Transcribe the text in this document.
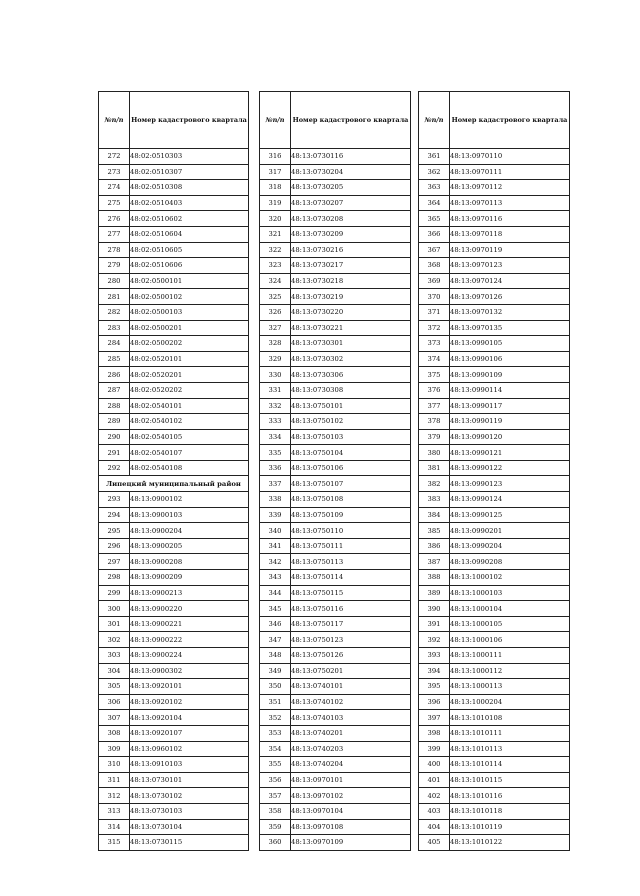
№п/п	Номер кадастрового квартала
272	48:02:0510303
273	48:02:0510307
274	48:02:0510308
275	48:02:0510403
276	48:02:0510602
277	48:02:0510604
278	48:02:0510605
279	48:02:0510606
280	48:02:0500101
281	48:02:0500102
282	48:02:0500103
283	48:02:0500201
284	48:02:0500202
285	48:02:0520101
286	48:02:0520201
287	48:02:0520202
288	48:02:0540101
289	48:02:0540102
290	48:02:0540105
291	48:02:0540107
292	48:02:0540108
Липецкий муниципальный район	
293	48:13:0900102
294	48:13:0900103
295	48:13:0900204
296	48:13:0900205
297	48:13:0900208
298	48:13:0900209
299	48:13:0900213
300	48:13:0900220
301	48:13:0900221
302	48:13:0900222
303	48:13:0900224
304	48:13:0900302
305	48:13:0920101
306	48:13:0920102
307	48:13:0920104
308	48:13:0920107
309	48:13:0960102
310	48:13:0910103
311	48:13:0730101
312	48:13:0730102
313	48:13:0730103
314	48:13:0730104
315	48:13:0730115
№п/п	Номер кадастрового квартала
316	48:13:0730116
317	48:13:0730204
318	48:13:0730205
319	48:13:0730207
320	48:13:0730208
321	48:13:0730209
322	48:13:0730216
323	48:13:0730217
324	48:13:0730218
325	48:13:0730219
326	48:13:0730220
327	48:13:0730221
328	48:13:0730301
329	48:13:0730302
330	48:13:0730306
331	48:13:0730308
332	48:13:0750101
333	48:13:0750102
334	48:13:0750103
335	48:13:0750104
336	48:13:0750106
337	48:13:0750107
338	48:13:0750108
339	48:13:0750109
340	48:13:0750110
341	48:13:0750111
342	48:13:0750113
343	48:13:0750114
344	48:13:0750115
345	48:13:0750116
346	48:13:0750117
347	48:13:0750123
348	48:13:0750126
349	48:13:0750201
350	48:13:0740101
351	48:13:0740102
352	48:13:0740103
353	48:13:0740201
354	48:13:0740203
355	48:13:0740204
356	48:13:0970101
357	48:13:0970102
358	48:13:0970104
359	48:13:0970108
360	48:13:0970109
№п/п	Номер кадастрового квартала
361	48:13:0970110
362	48:13:0970111
363	48:13:0970112
364	48:13:0970113
365	48:13:0970116
366	48:13:0970118
367	48:13:0970119
368	48:13:0970123
369	48:13:0970124
370	48:13:0970126
371	48:13:0970132
372	48:13:0970135
373	48:13:0990105
374	48:13:0990106
375	48:13:0990109
376	48:13:0990114
377	48:13:0990117
378	48:13:0990119
379	48:13:0990120
380	48:13:0990121
381	48:13:0990122
382	48:13:0990123
383	48:13:0990124
384	48:13:0990125
385	48:13:0990201
386	48:13:0990204
387	48:13:0990208
388	48:13:1000102
389	48:13:1000103
390	48:13:1000104
391	48:13:1000105
392	48:13:1000106
393	48:13:1000111
394	48:13:1000112
395	48:13:1000113
396	48:13:1000204
397	48:13:1010108
398	48:13:1010111
399	48:13:1010113
400	48:13:1010114
401	48:13:1010115
402	48:13:1010116
403	48:13:1010118
404	48:13:1010119
405	48:13:1010122
